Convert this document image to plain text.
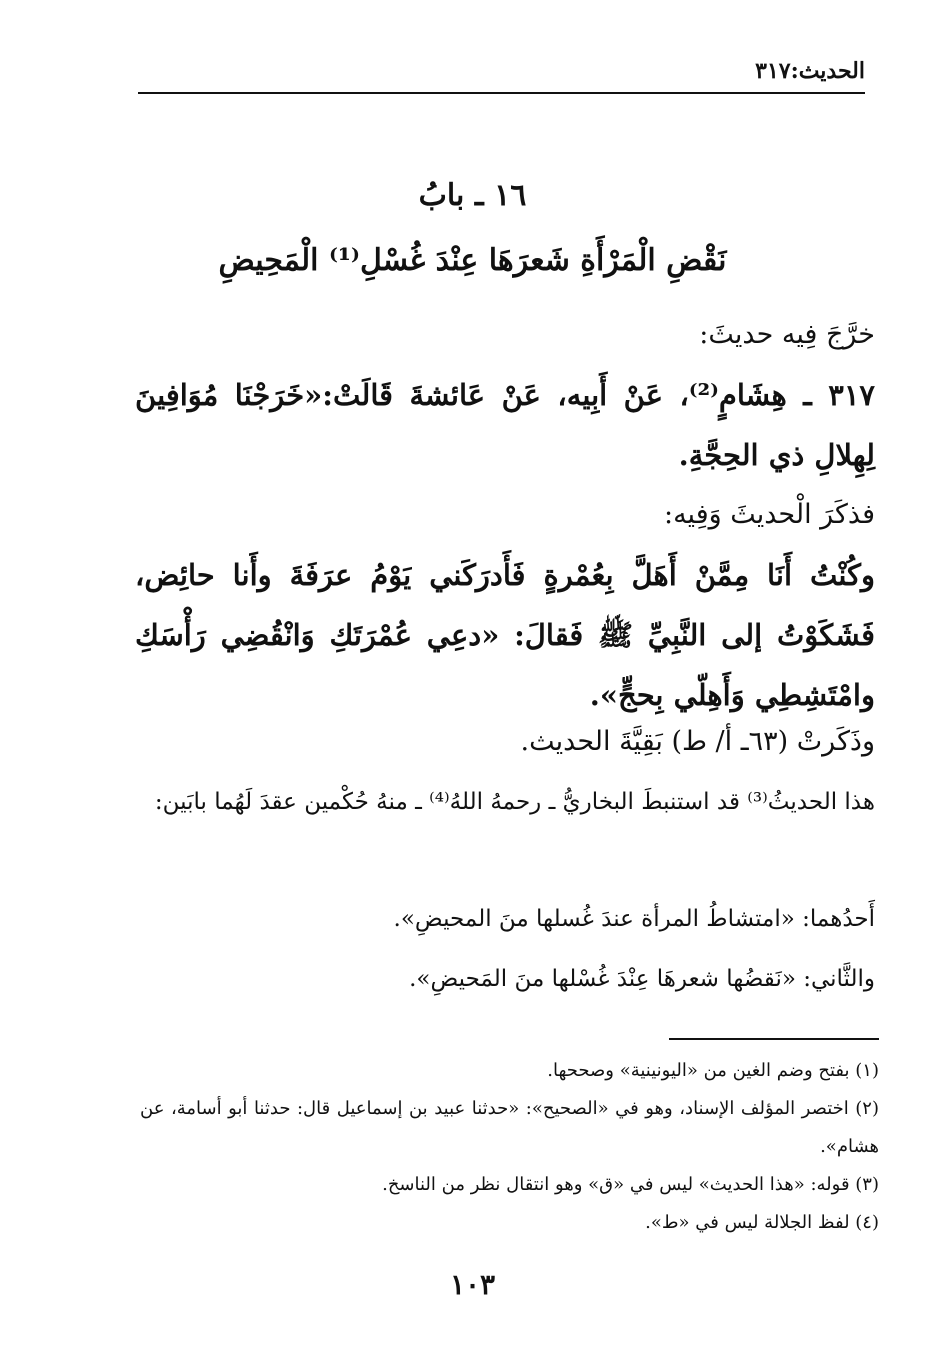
الحديث:٣١٧
١٦ ـ بابُ
نَقْضِ الْمَرْأَةِ شَعرَهَا عِنْدَ غُسْلِ⁽¹⁾ الْمَحِيضِ
خرَّجَ فِيه حديثَ:
٣١٧ ـ هِشَامٍ⁽²⁾، عَنْ أَبِيه، عَنْ عَائشةَ قَالَتْ:«خَرَجْنَا مُوَافِينَ لِهِلالِ ذي الحِجَّةِ.
فذكَرَ الْحديثَ وَفِيه:
وكُنْتُ أَنَا مِمَّنْ أَهَلَّ بِعُمْرةٍ فَأَدرَكَني يَوْمُ عرَفَةَ وأَنا حائِض، فَشَكَوْتُ إلى النَّبِيِّ ﷺ فَقالَ: «دعِي عُمْرَتَكِ وَانْقُضِي رَأْسَكِ وامْتَشِطِي وَأَهِلّي بِحجٍّ».
وذَكَرتْ (٦٣ـ أ/ ط) بَقِيَّةَ الحديث.
هذا الحديثُ⁽³⁾ قد استنبطَ البخاريُّ ـ رحمهُ اللهُ⁽⁴⁾ ـ منهُ حُكْمين عقدَ لَهُما بابَين:
أَحدُهما: «امتشاطُ المرأة عندَ غُسلها منَ المحيضِ».
والثَّاني: «نَقضُها شعرهَا عِنْدَ غُسْلها منَ المَحيضِ».
(١) بفتح وضم الغين من «اليونينية» وصححها.
(٢) اختصر المؤلف الإسناد، وهو في «الصحيح»: «حدثنا عبيد بن إسماعيل قال: حدثنا أبو أسامة، عن هشام».
(٣) قوله: «هذا الحديث» ليس في «ق» وهو انتقال نظر من الناسخ.
(٤) لفظ الجلالة ليس في «ط».
١٠٣
